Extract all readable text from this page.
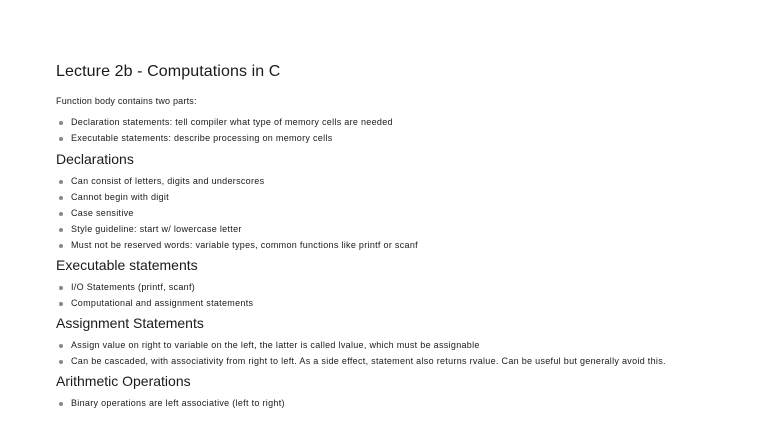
Lecture 2b - Computations in C

Function body contains two parts:

Declaration statements: tell compiler what type of memory cells are needed
Executable statements: describe processing on memory cells
Declarations
Can consist of letters, digits and underscores
Cannot begin with digit
Case sensitive
Style guideline: start w/ lowercase letter
Must not be reserved words: variable types, common functions like printf or scanf
Executable statements
I/O Statements (printf, scanf)
Computational and assignment statements
Assignment Statements
Assign value on right to variable on the left, the latter is called lvalue, which must be assignable
Can be cascaded, with associativity from right to left. As a side effect, statement also returns rvalue. Can be useful but generally avoid this.
Arithmetic Operations
Binary operations are left associative (left to right)
